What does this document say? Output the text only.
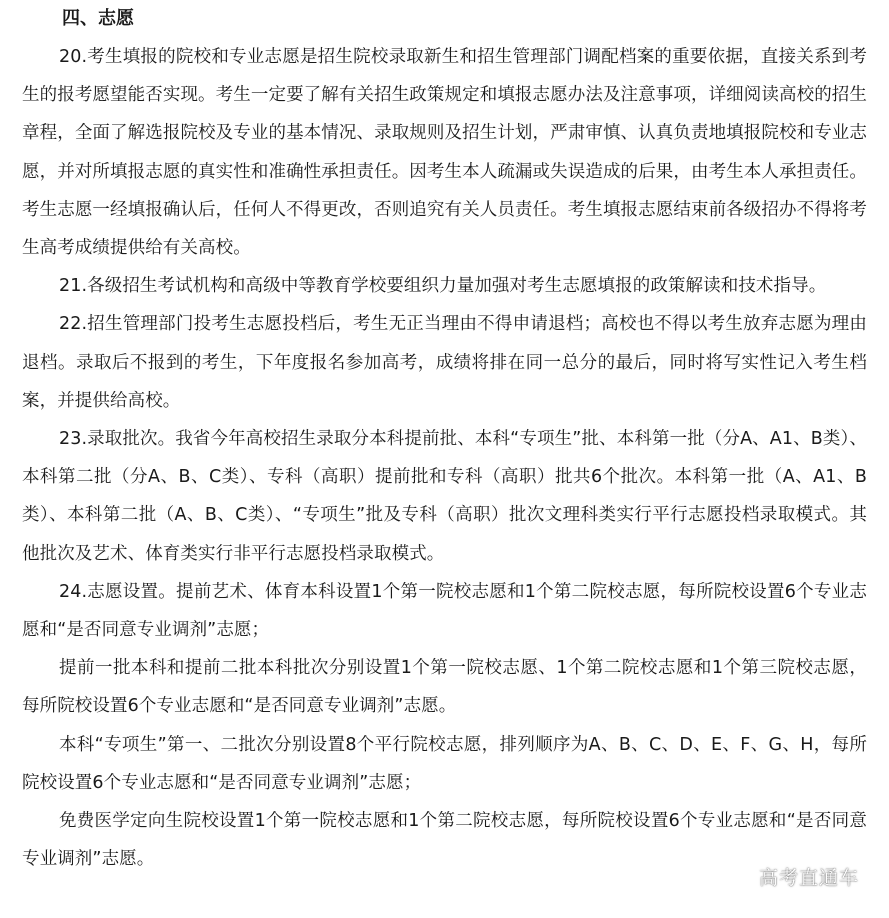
四、志愿

20.考生填报的院校和专业志愿是招生院校录取新生和招生管理部门调配档案的重要依据，直接关系到考生的报考愿望能否实现。考生一定要了解有关招生政策规定和填报志愿办法及注意事项，详细阅读高校的招生章程，全面了解选报院校及专业的基本情况、录取规则及招生计划，严肃审慎、认真负责地填报院校和专业志愿，并对所填报志愿的真实性和准确性承担责任。因考生本人疏漏或失误造成的后果，由考生本人承担责任。考生志愿一经填报确认后，任何人不得更改，否则追究有关人员责任。考生填报志愿结束前各级招办不得将考生高考成绩提供给有关高校。

21.各级招生考试机构和高级中等教育学校要组织力量加强对考生志愿填报的政策解读和技术指导。

22.招生管理部门投考生志愿投档后，考生无正当理由不得申请退档；高校也不得以考生放弃志愿为理由退档。录取后不报到的考生，下年度报名参加高考，成绩将排在同一总分的最后，同时将写实性记入考生档案，并提供给高校。

23.录取批次。我省今年高校招生录取分本科提前批、本科“专项生”批、本科第一批（分A、A1、B类）、本科第二批（分A、B、C类）、专科（高职）提前批和专科（高职）批共6个批次。本科第一批（A、A1、B类）、本科第二批（A、B、C类）、“专项生”批及专科（高职）批次文理科类实行平行志愿投档录取模式。其他批次及艺术、体育类实行非平行志愿投档录取模式。

24.志愿设置。提前艺术、体育本科设置1个第一院校志愿和1个第二院校志愿，每所院校设置6个专业志愿和“是否同意专业调剂”志愿；

提前一批本科和提前二批本科批次分别设置1个第一院校志愿、1个第二院校志愿和1个第三院校志愿，每所院校设置6个专业志愿和“是否同意专业调剂”志愿。

本科“专项生”第一、二批次分别设置8个平行院校志愿，排列顺序为A、B、C、D、E、F、G、H，每所院校设置6个专业志愿和“是否同意专业调剂”志愿；

免费医学定向生院校设置1个第一院校志愿和1个第二院校志愿，每所院校设置6个专业志愿和“是否同意专业调剂”志愿。

高考直通车
